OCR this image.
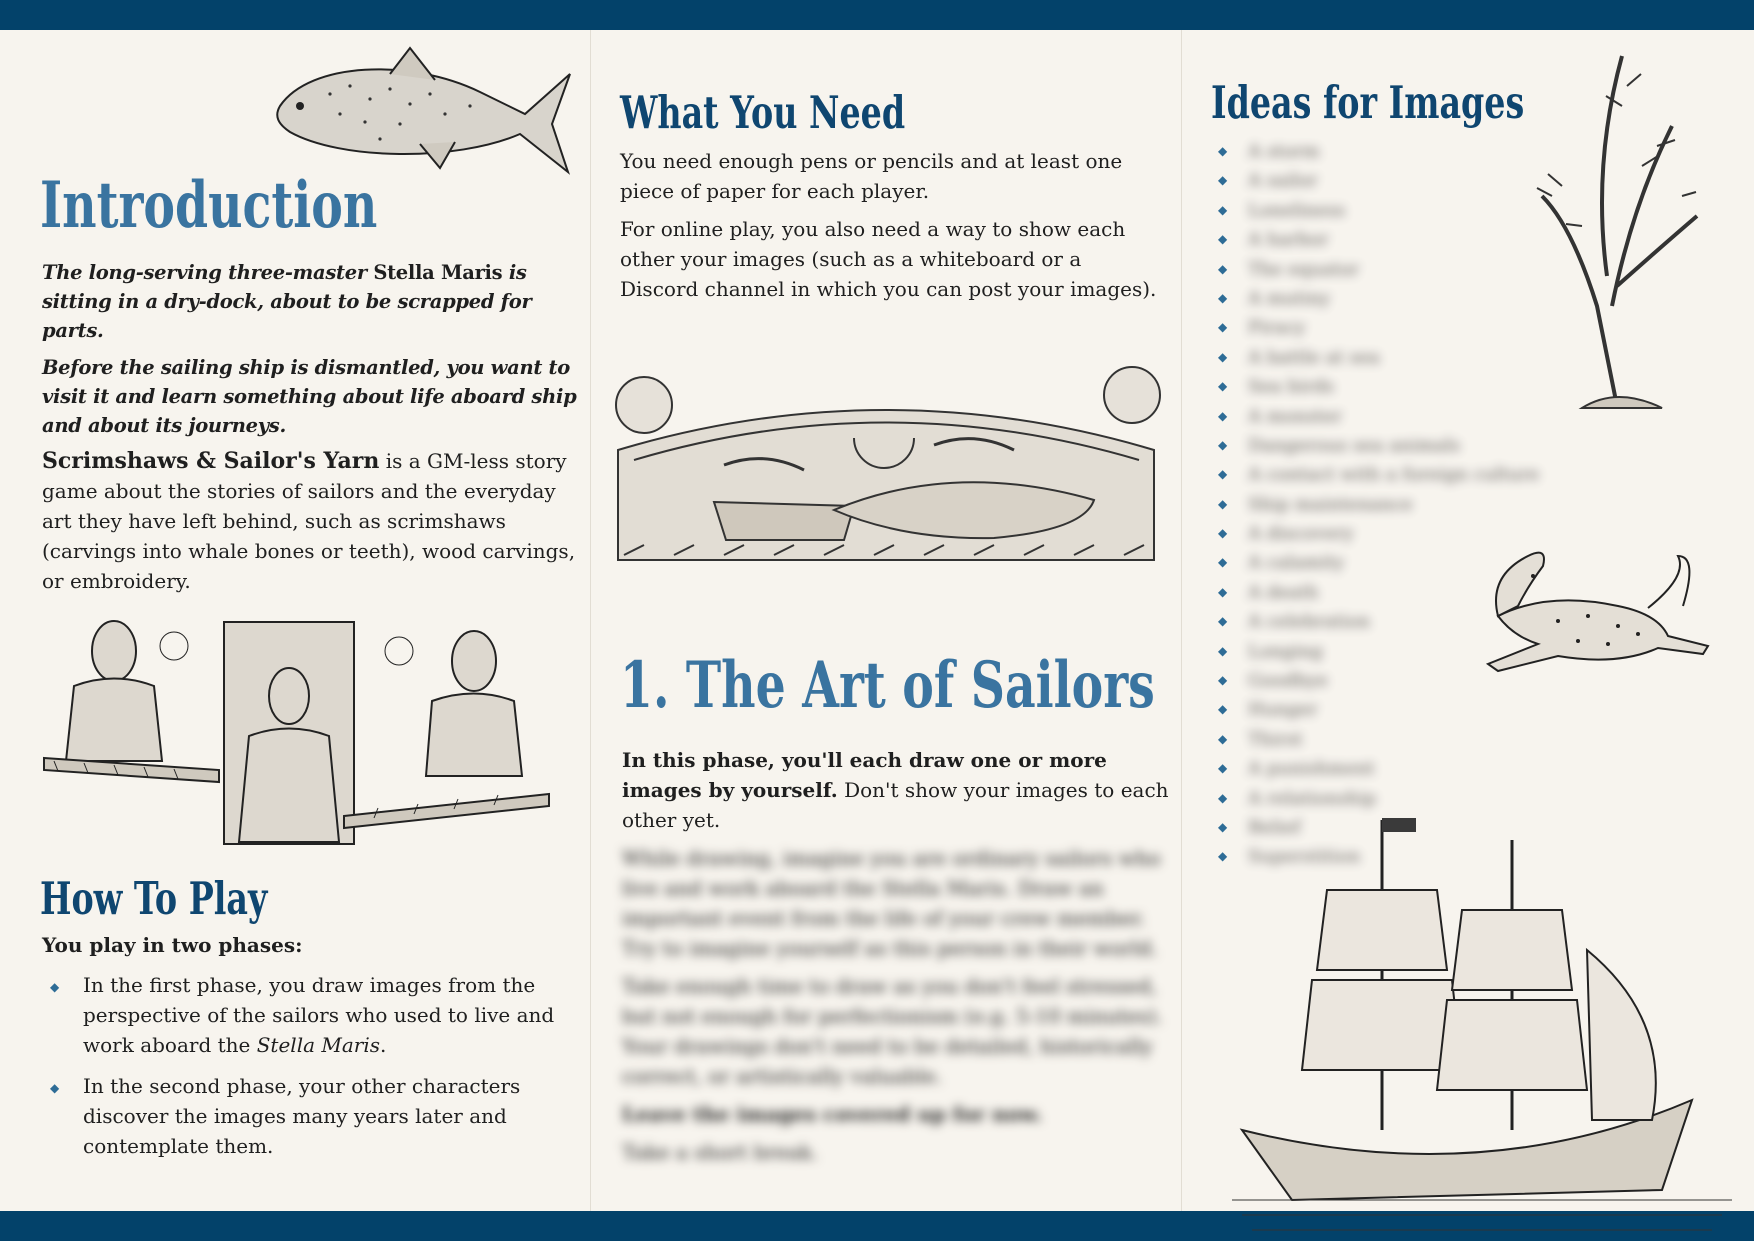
Introduction

The long-serving three-master Stella Maris is sitting in a dry-dock, about to be scrapped for parts.

Before the sailing ship is dismantled, you want to visit it and learn something about life aboard ship and about its journeys.

Scrimshaws & Sailor's Yarn is a GM-less story game about the stories of sailors and the everyday art they have left behind, such as scrimshaws (carvings into whale bones or teeth), wood carvings, or embroidery.

How To Play

You play in two phases:

◆ In the first phase, you draw images from the perspective of the sailors who used to live and work aboard the Stella Maris.
◆ In the second phase, your other characters discover the images many years later and contemplate them.
What You Need

You need enough pens or pencils and at least one piece of paper for each player.

For online play, you also need a way to show each other your images (such as a whiteboard or a Discord channel in which you can post your images).

1. The Art of Sailors

In this phase, you'll each draw one or more images by yourself. Don't show your images to each other yet.

While drawing, imagine you are ordinary sailors who live and work aboard the Stella Maris. Draw an important event from the life of your crew member. Try to imagine yourself as this person in their world.

Take enough time to draw as you don't feel stressed, but not enough for perfectionism (e.g. 5-10 minutes). Your drawings don't need to be detailed, historically correct, or artistically valuable.

Leave the images covered up for now.

Take a short break.

Ideas for Images
◆ A storm
◆ A sailor
◆ Loneliness
◆ A harbor
◆ The equator
◆ A mutiny
◆ Piracy
◆ A battle at sea
◆ Sea birds
◆ A monster
◆ Dangerous sea animals
◆ A contact with a foreign culture
◆ Ship maintenance
◆ A discovery
◆ A calamity
◆ A death
◆ A celebration
◆ Longing
◆ Goodbye
◆ Hunger
◆ Thirst
◆ A punishment
◆ A relationship
◆ Belief
◆ Superstition
